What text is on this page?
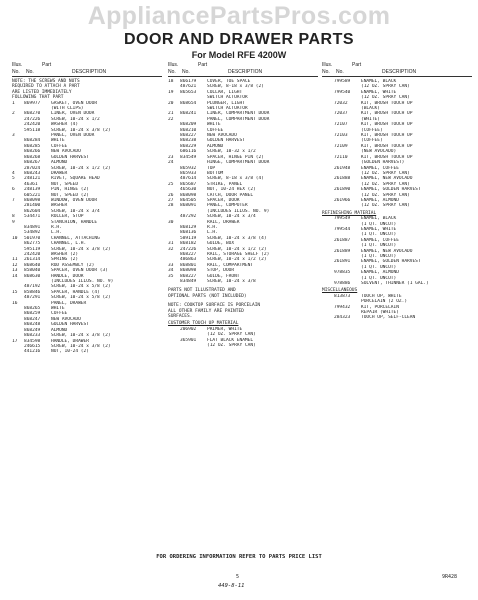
AppliancePartsPros.com
DOOR AND DRAWER PARTS
For Model RFE 4200W
Illus.	Part
No. No.	DESCRIPTION
NOTE: THE SCREWS AND NUTS
REQUIRED TO ATTACH A PART
ARE LISTED IMMEDIATELY
FOLLOWING THAT PART
1	869977	GASKET, OVEN DOOR
(WITH CLIPS)
2	868270	LINER, OVEN DOOR
247226	SCREW, 10-24 x 1/2
242420	WASHER (4)
595118	SCREW, 10-24 x 3/8 (2)
3	PANEL, OVEN DOOR
868284	WHITE
868285	COFFEE
868266	NEW AVOCADO
868268	GOLDEN HARVEST
868267	ALMOND
287024	SCREW, 10-24 x 1/2 (2)
4	868243	DRAWER
5	248121	RIVET, SQUARE HEAD
46361	NUT, SPEED
6	248139	PIN, HINGE (2)
605221	NUT, SPEED (2)
7	868098	WINDOW, OVEN DOOR
281400	WASHER
862604	SCREW, 10-24 x 3/4
8	534471	ROLLER, STOP
9	STANCHION, HANDLE
834891	R.H.
534892	L.H.
10	501970	CHANNEL, ATTACHING
862775	CHANNEL, L.H.
595119	SCREW, 10-24 x 3/8 (2)
242420	WASHER (2)
11	261314	SPRING (2)
12	868640	ROD ASSEMBLY (2)
13	858040	SPACER, OVEN DOOR (3)
14	868630	HANDLE, DOOR
(INCLUDES ILLUS. NO. 9)
487192	SCREW, 10-24 x 5/8 (2)
15	858846	SPACER, HANDLE (4)
487291	SCREW, 10-24 x 5/8 (2)
16	PANEL, DRAWER
868265	WHITE
868259	COFFEE
868247	NEW AVOCADO
868248	GOLDEN HARVEST
868249	ALMOND
868233	SCREW, 10-24 x 3/8 (2)
17	834598	HANDLE, DRAWER
246615	SCREW, 10-24 x 3/8 (2)
441216	NUT, 10-24 (2)
Illus.	Part
No. No.	DESCRIPTION
18	866179	COVER, TOE SPACE
487621	SCREW, 8-18 x 3/8 (2)
19	865653	COLLAR, LIGHT
SWITCH ACTUATOR
20	868654	PLUNGER, LIGHT
SWITCH ACTUATOR
21	868241	LINER, COMPARTMENT DOOR
22	PANEL, COMPARTMENT DOOR
868209	WHITE
868210	COFFEE
868227	NEW AVOCADO
868238	GOLDEN HARVEST
868229	ALMOND
686116	SCREW, 10-32 x 1/2
23	834549	SPACER, HINGE PIN (2)
24	HINGE, COMPARTMENT DOOR
865932	TOP
865933	BOTTOM
487614	SCREW, 8-18 x 3/8 (4)
25	865687	STRIKE, PANEL
465630	NUT, 10-24 HEX (2)
26	868098	CATCH, DOOR PANEL
27	864505	SPACER, DOOR
28	868091	PANEL, COMPUTER
(INCLUDES ILLUS. NO. 9)
487292	SCREW, 10-24 x 3/4
30	RAIL, DRAWER
868129	R.H.
868136	L.H.
589119	SCREW, 10-24 x 3/8 (4)
31	868182	GUIDE, BOX
32	247226	SCREW, 10-24 x 1/2 (2)
868227	RAIL, STORAGE SHELF (2)
486863	SCREW, 10-24 x 1/2 (2)
33	868801	RAIL, COMPARTMENT
34	868098	STOP, DOOR
35	868227	GUIDE, FRONT
834849	SCREW, 10-24 x 3/8
PARTS NOT ILLUSTRATED AND
OPTIONAL PARTS (NOT INCLUDED)
NOTE: COOKTOP SURFACE IS PORCELAIN
ALL OTHER FAMILY ARE PAINTED
SURFACES.
CUSTOMER TOUCH UP MATERIAL
206902	PRIMER, WHITE
(12 OZ. SPRAY CAN)
365901	FLAT BLACK ENAMEL
(12 OZ. SPRAY CAN)
Illus.	Part
No. No.	DESCRIPTION
799589	ENAMEL, BLACK
(12 OZ. SPRAY CAN)
799540	ENAMEL, WHITE
(12 OZ. SPRAY CAN)
72032	KIT, BRUSH TOUCH UP
(BLACK)
72037	KIT, BRUSH TOUCH UP
(WHITE)
72107	KIT, BRUSH TOUCH UP
(COFFEE)
72103	KIT, BRUSH TOUCH UP
(COFFEE)
72109	KIT, BRUSH TOUCH UP
(NEW AVOCADO)
72110	KIT, BRUSH TOUCH UP
(GOLDEN HARVEST)
261948	ENAMEL, COFFEE
(12 OZ. SPRAY CAN)
261888	ENAMEL, NEW AVOCADO
(12 OZ. SPRAY CAN)
261890	ENAMEL, GOLDEN HARVEST
(12 OZ. SPRAY CAN)
261966	ENAMEL, ALMOND
(12 OZ. SPRAY CAN)
REFINISHING MATERIAL
799549	ENAMEL, BLACK
(1 QT. UNCUT)
799544	ENAMEL, WHITE
(1 QT. UNCUT)
261887	ENAMEL, COFFEE
(1 QT. UNCUT)
261889	ENAMEL, NEW AVOCADO
(1 QT. UNCUT)
261891	ENAMEL, GOLDEN HARVEST
(1 QT. UNCUT)
978835	ENAMEL, ALMOND
(1 QT. UNCUT)
978886	SOLVENT, THINNER (1 GAL.)
MISCELLANEOUS
813873	TOUCH UP, WHITE
PORCELAIN (2 OZ.)
799432	KIT, PORCELAIN
REPAIR (WHITE)
284323	TOUCH UP, SELF-CLEAN
FOR ORDERING INFORMATION REFER TO PARTS PRICE LIST
5	9R428
449-8-11
